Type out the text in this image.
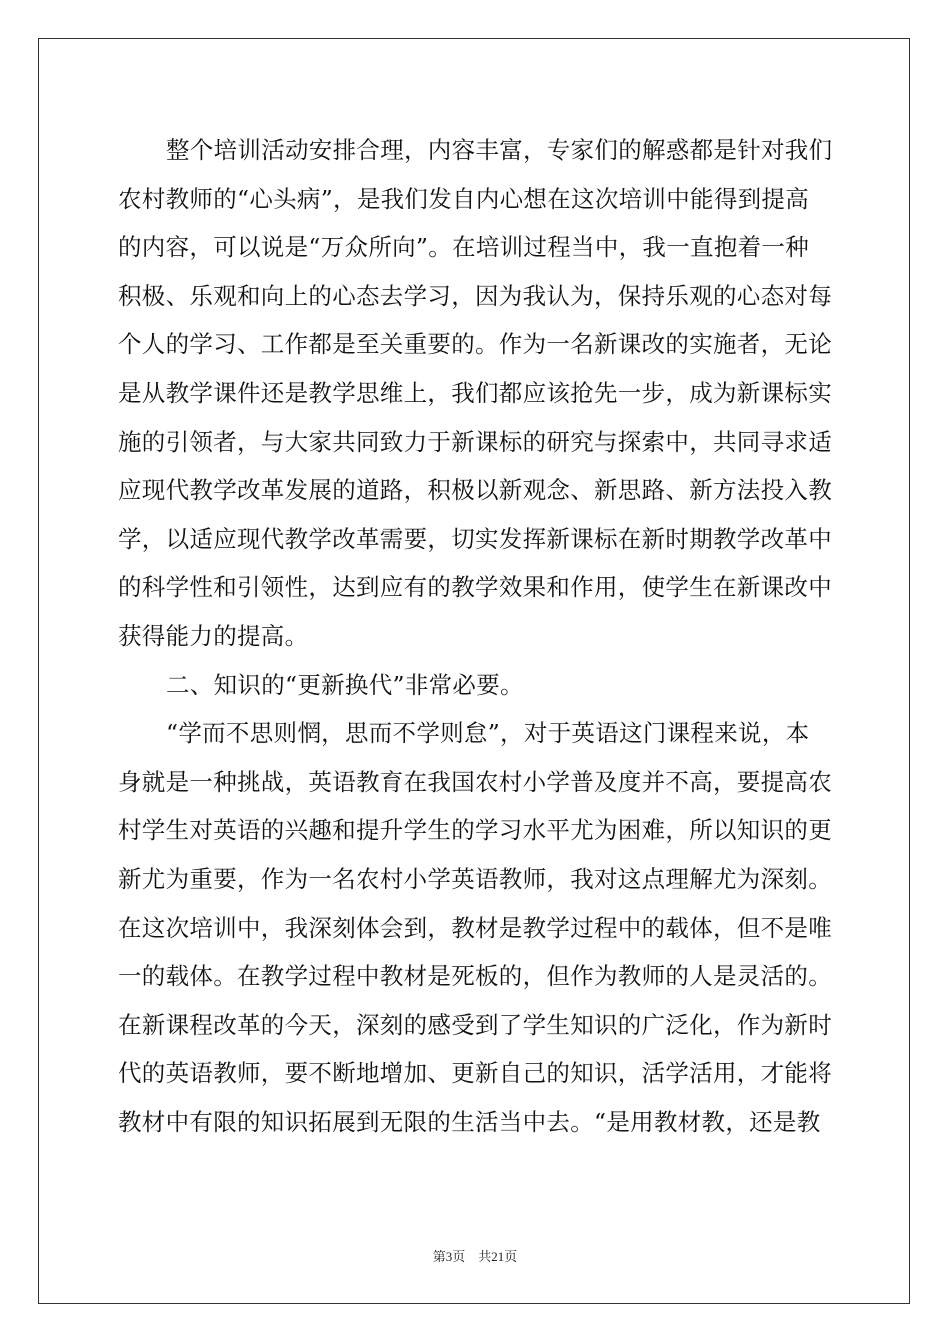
整个培训活动安排合理，内容丰富，专家们的解惑都是针对我们
农村教师的“心头病”，是我们发自内心想在这次培训中能得到提高
的内容，可以说是“万众所向”。在培训过程当中，我一直抱着一种
积极、乐观和向上的心态去学习，因为我认为，保持乐观的心态对每
个人的学习、工作都是至关重要的。作为一名新课改的实施者，无论
是从教学课件还是教学思维上，我们都应该抢先一步，成为新课标实
施的引领者，与大家共同致力于新课标的研究与探索中，共同寻求适
应现代教学改革发展的道路，积极以新观念、新思路、新方法投入教
学，以适应现代教学改革需要，切实发挥新课标在新时期教学改革中
的科学性和引领性，达到应有的教学效果和作用，使学生在新课改中
获得能力的提高。
二、知识的“更新换代”非常必要。
“学而不思则惘，思而不学则怠”，对于英语这门课程来说，本
身就是一种挑战，英语教育在我国农村小学普及度并不高，要提高农
村学生对英语的兴趣和提升学生的学习水平尤为困难，所以知识的更
新尤为重要，作为一名农村小学英语教师，我对这点理解尤为深刻。
在这次培训中，我深刻体会到，教材是教学过程中的载体，但不是唯
一的载体。在教学过程中教材是死板的，但作为教师的人是灵活的。
在新课程改革的今天，深刻的感受到了学生知识的广泛化，作为新时
代的英语教师，要不断地增加、更新自己的知识，活学活用，才能将
教材中有限的知识拓展到无限的生活当中去。“是用教材教，还是教
第3页　共21页
